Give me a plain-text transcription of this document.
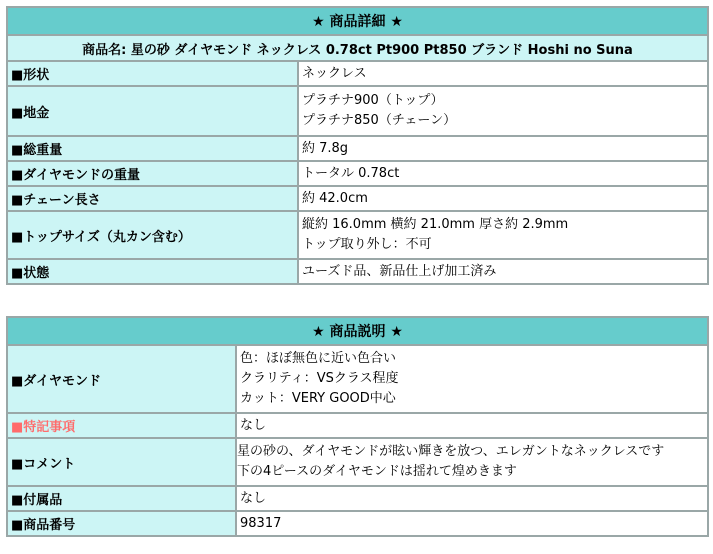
★ 商品詳細 ★	
商品名: 星の砂 ダイヤモンド ネックレス 0.78ct Pt900 Pt850 ブランド Hoshi no Suna	
■形状	ネックレス

■地金	プラチナ900（トップ）
プラチナ850（チェーン）

■総重量	約 7.8g

■ダイヤモンドの重量	トータル 0.78ct

■チェーン長さ	約 42.0cm

■トップサイズ（丸カン含む）	縦約 16.0mm 横約 21.0mm 厚さ約 2.9mm
トップ取り外し：不可

■状態	ユーズド品、新品仕上げ加工済み
★ 商品説明 ★	
■ダイヤモンド	色：ほぼ無色に近い色合い
クラリティ：VSクラス程度
カット：VERY GOOD中心

■特記事項	なし

■コメント	星の砂の、ダイヤモンドが眩い輝きを放つ、エレガントなネックレスです
下の4ピースのダイヤモンドは揺れて煌めきます

■付属品	なし

■商品番号	98317
